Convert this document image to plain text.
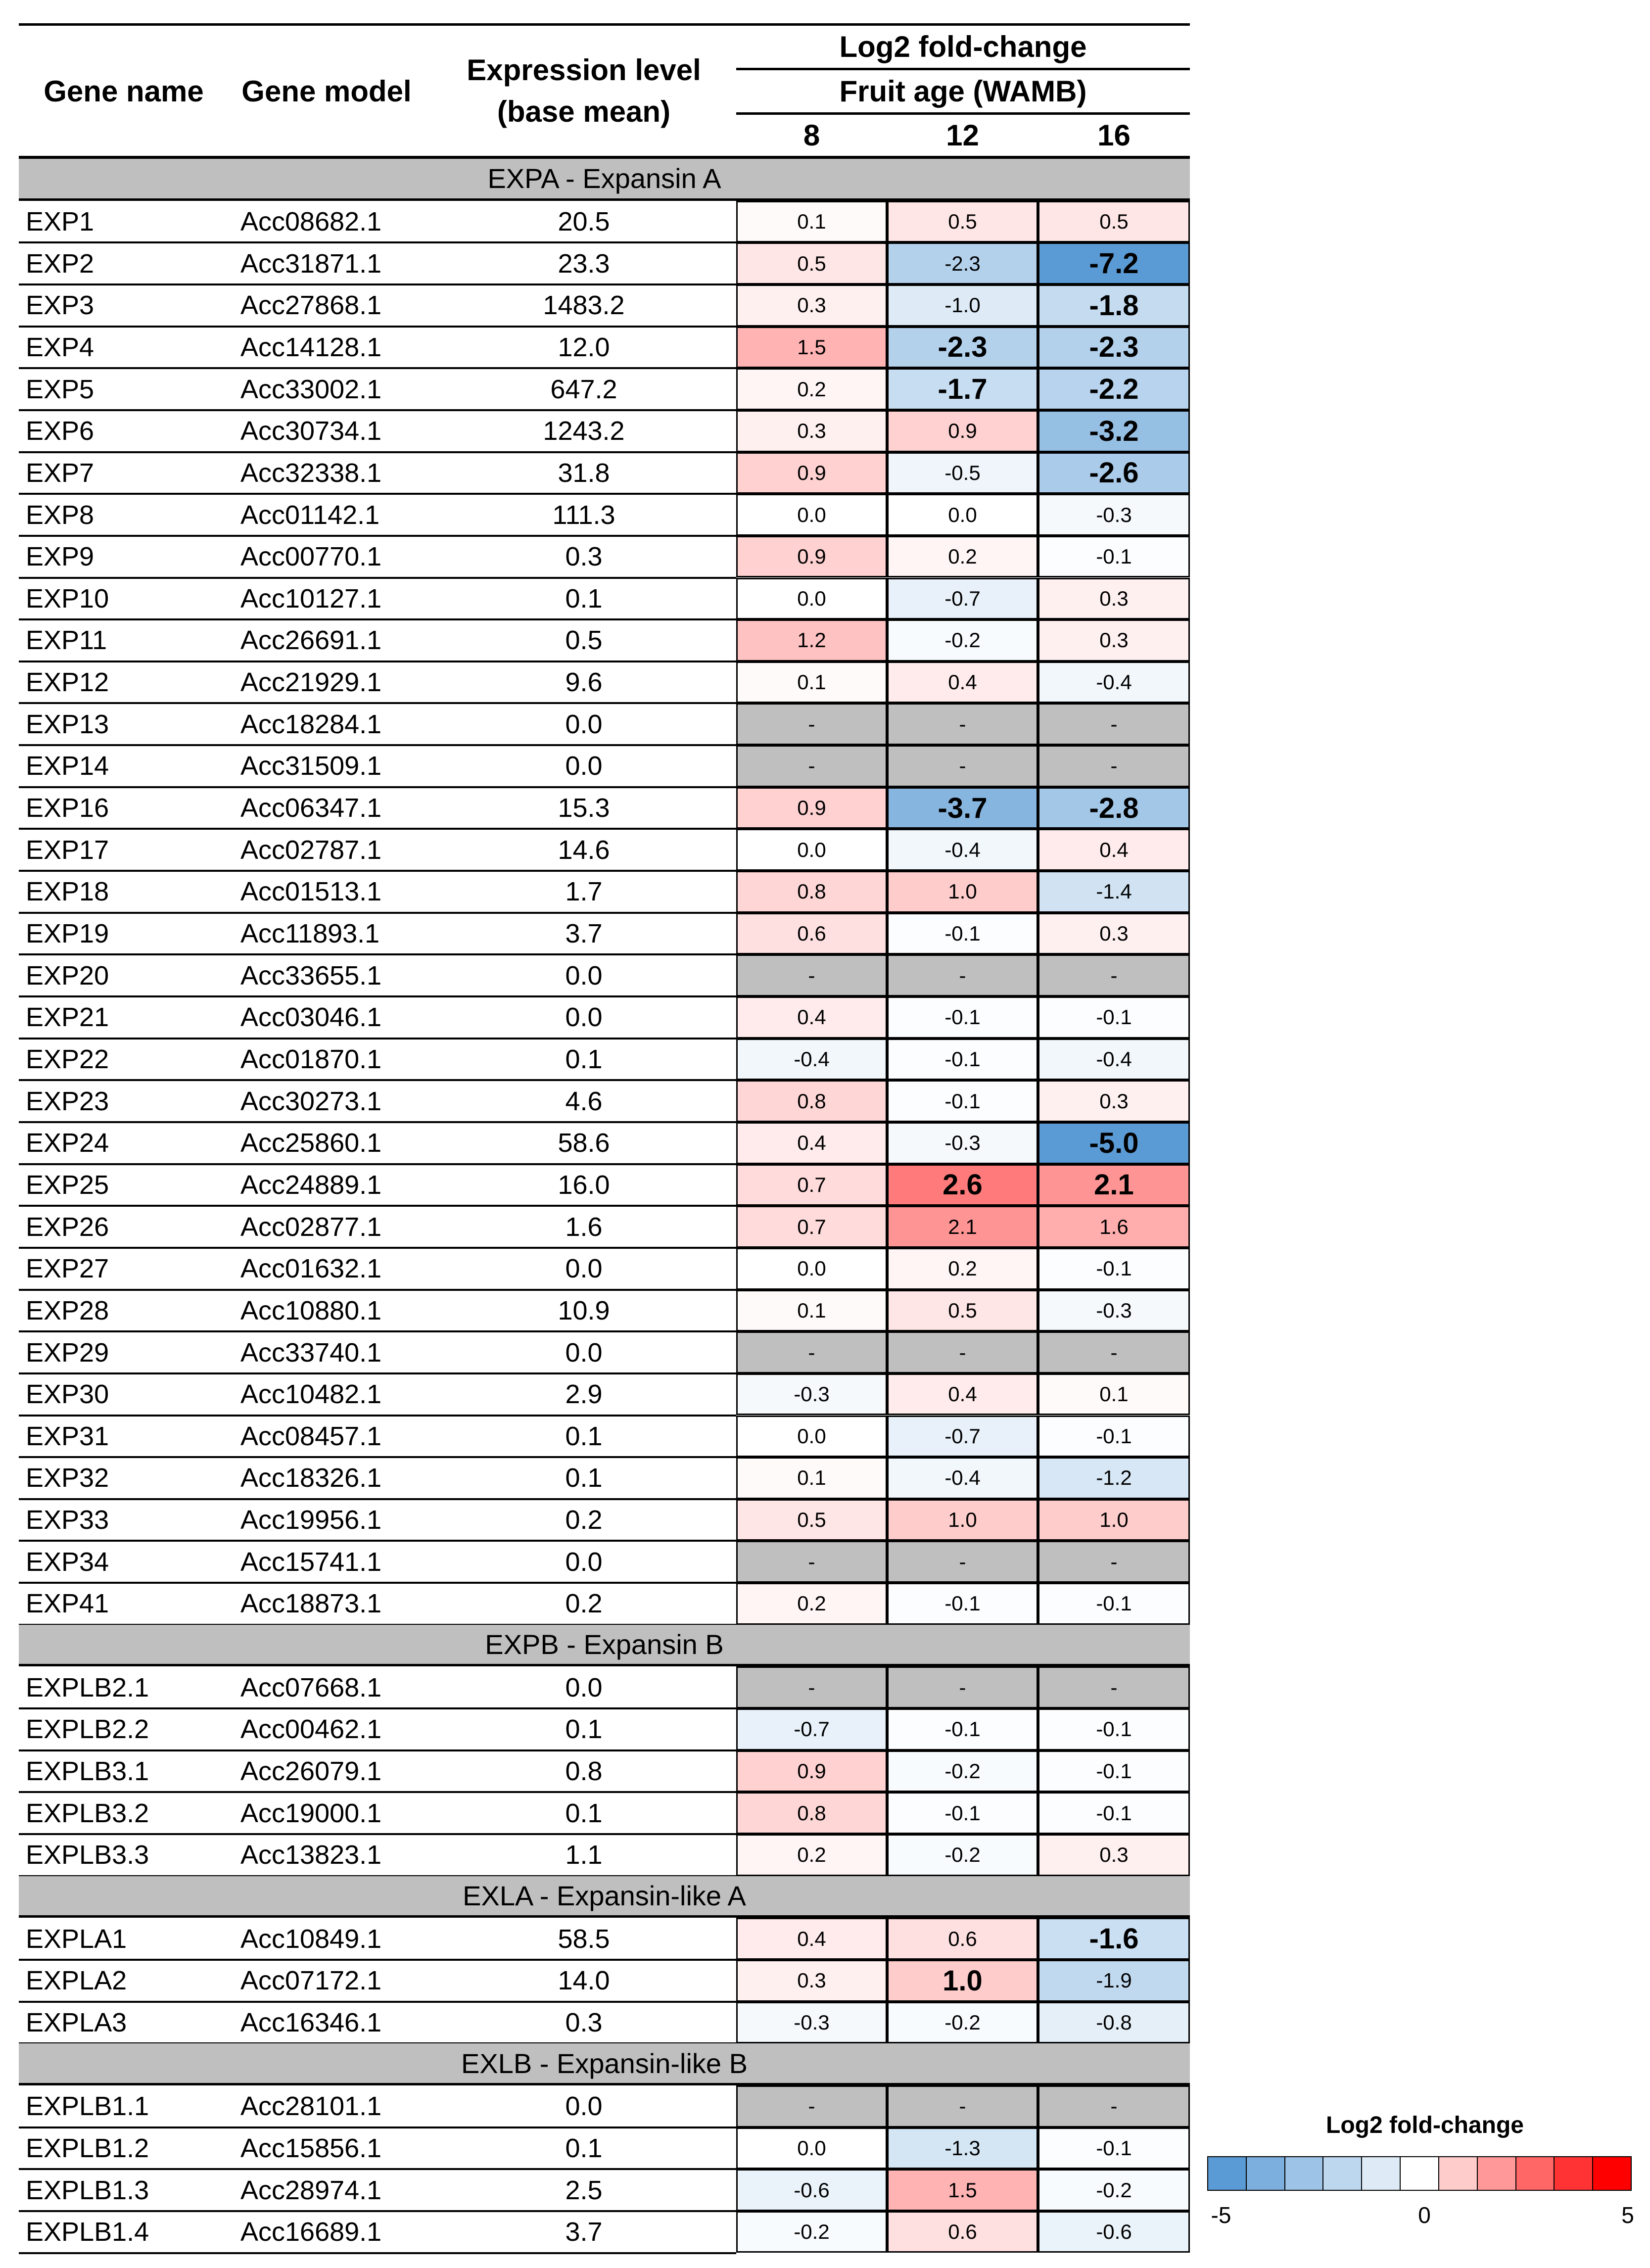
Gene name	Gene model
Expression level
(base mean)
Log2 fold-change
Fruit age (WAMB)
8	12	16
EXPA - Expansin A
EXP1	Acc08682.1	20.5	0.1	0.5	0.5
EXP2	Acc31871.1	23.3	0.5	-2.3	-7.2
EXP3	Acc27868.1	1483.2	0.3	-1.0	-1.8
EXP4	Acc14128.1	12.0	1.5	-2.3	-2.3
EXP5	Acc33002.1	647.2	0.2	-1.7	-2.2
EXP6	Acc30734.1	1243.2	0.3	0.9	-3.2
EXP7	Acc32338.1	31.8	0.9	-0.5	-2.6
EXP8	Acc01142.1	111.3	0.0	0.0	-0.3
EXP9	Acc00770.1	0.3	0.9	0.2	-0.1
EXP10	Acc10127.1	0.1	0.0	-0.7	0.3
EXP11	Acc26691.1	0.5	1.2	-0.2	0.3
EXP12	Acc21929.1	9.6	0.1	0.4	-0.4
EXP13	Acc18284.1	0.0	-	-	-
EXP14	Acc31509.1	0.0	-	-	-
EXP16	Acc06347.1	15.3	0.9	-3.7	-2.8
EXP17	Acc02787.1	14.6	0.0	-0.4	0.4
EXP18	Acc01513.1	1.7	0.8	1.0	-1.4
EXP19	Acc11893.1	3.7	0.6	-0.1	0.3
EXP20	Acc33655.1	0.0	-	-	-
EXP21	Acc03046.1	0.0	0.4	-0.1	-0.1
EXP22	Acc01870.1	0.1	-0.4	-0.1	-0.4
EXP23	Acc30273.1	4.6	0.8	-0.1	0.3
EXP24	Acc25860.1	58.6	0.4	-0.3	-5.0
EXP25	Acc24889.1	16.0	0.7	2.6	2.1
EXP26	Acc02877.1	1.6	0.7	2.1	1.6
EXP27	Acc01632.1	0.0	0.0	0.2	-0.1
EXP28	Acc10880.1	10.9	0.1	0.5	-0.3
EXP29	Acc33740.1	0.0	-	-	-
EXP30	Acc10482.1	2.9	-0.3	0.4	0.1
EXP31	Acc08457.1	0.1	0.0	-0.7	-0.1
EXP32	Acc18326.1	0.1	0.1	-0.4	-1.2
EXP33	Acc19956.1	0.2	0.5	1.0	1.0
EXP34	Acc15741.1	0.0	-	-	-
EXP41	Acc18873.1	0.2	0.2	-0.1	-0.1
EXPB - Expansin B
EXPLB2.1	Acc07668.1	0.0	-	-	-
EXPLB2.2	Acc00462.1	0.1	-0.7	-0.1	-0.1
EXPLB3.1	Acc26079.1	0.8	0.9	-0.2	-0.1
EXPLB3.2	Acc19000.1	0.1	0.8	-0.1	-0.1
EXPLB3.3	Acc13823.1	1.1	0.2	-0.2	0.3
EXLA - Expansin-like A
EXPLA1	Acc10849.1	58.5	0.4	0.6	-1.6
EXPLA2	Acc07172.1	14.0	0.3	1.0	-1.9
EXPLA3	Acc16346.1	0.3	-0.3	-0.2	-0.8
EXLB - Expansin-like B
EXPLB1.1	Acc28101.1	0.0	-	-	-
EXPLB1.2	Acc15856.1	0.1	0.0	-1.3	-0.1
EXPLB1.3	Acc28974.1	2.5	-0.6	1.5	-0.2
EXPLB1.4	Acc16689.1	3.7	-0.2	0.6	-0.6
Log2 fold-change
-5	0	5
